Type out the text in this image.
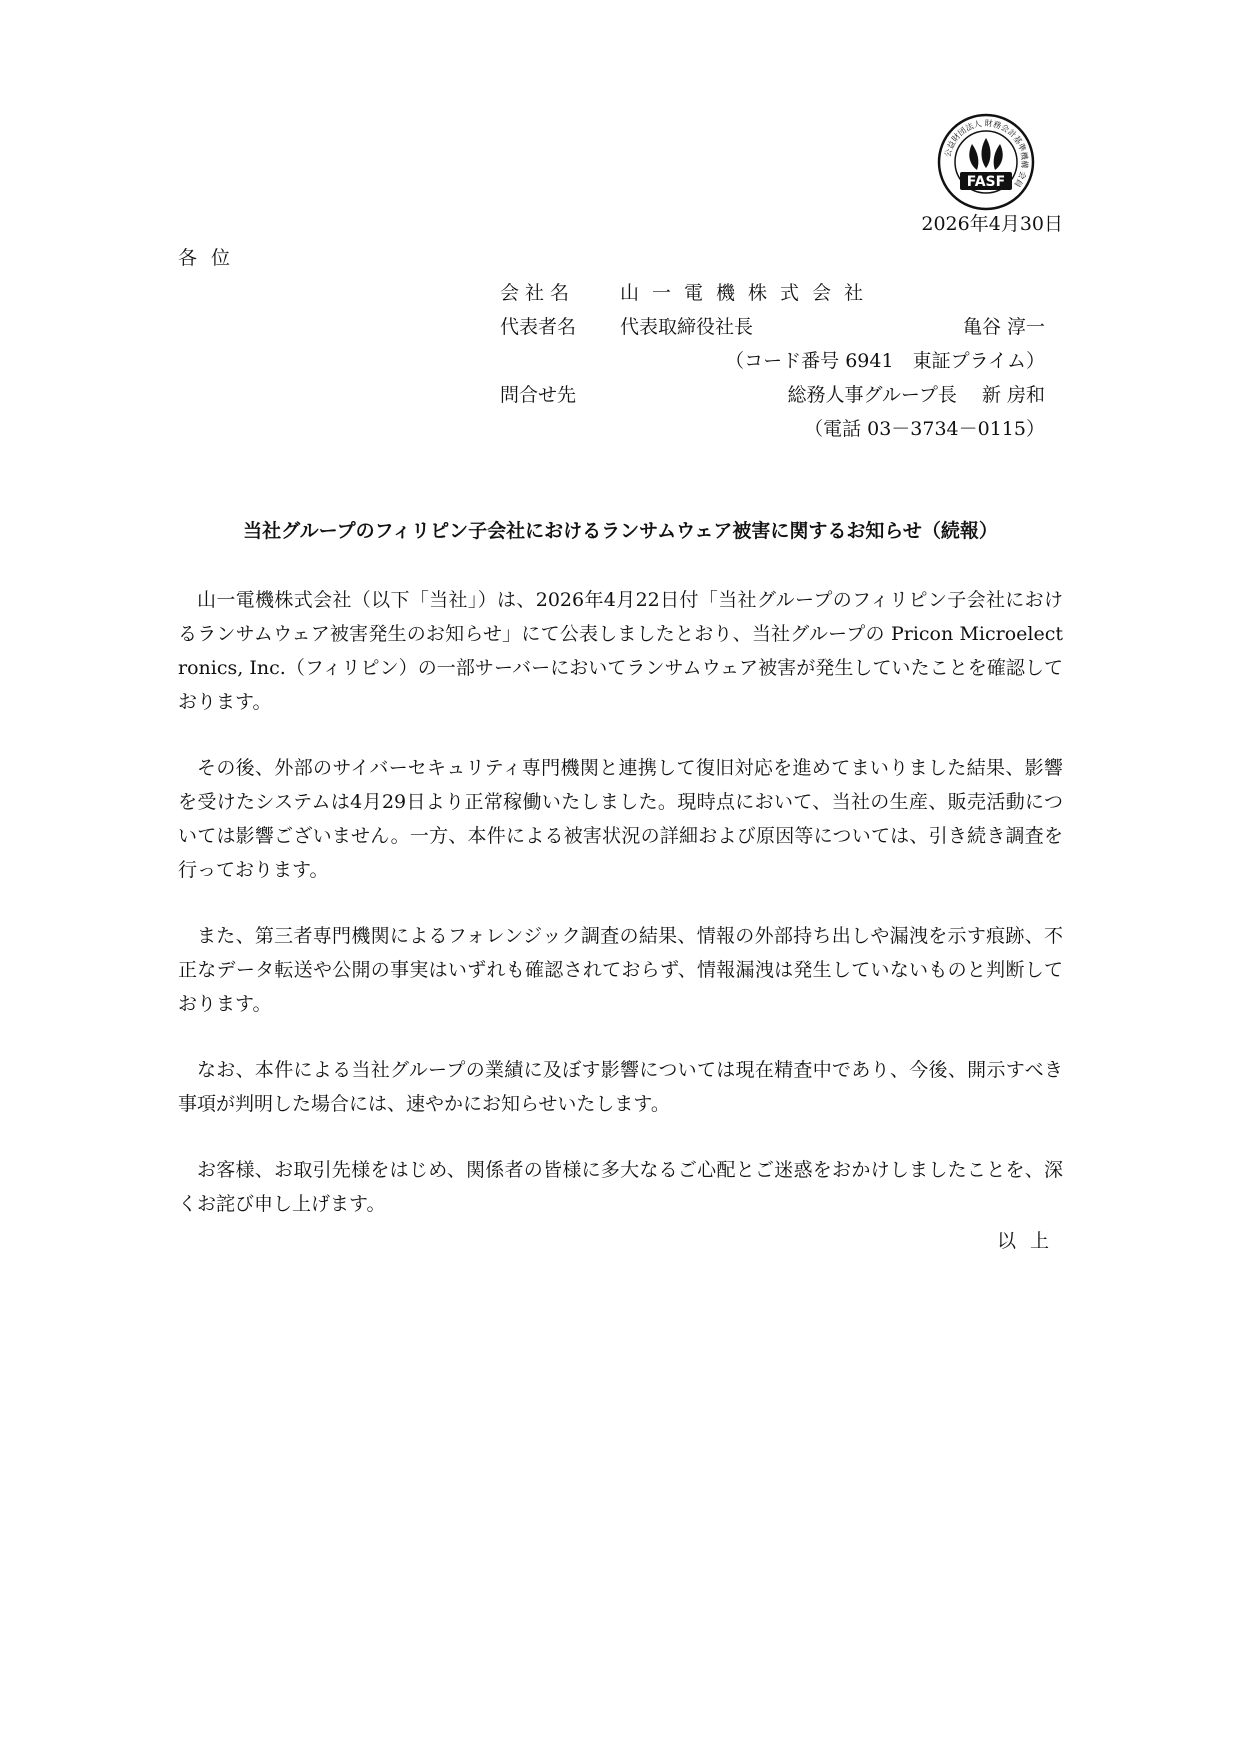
公益財団法人 財務会計基準機構 会員
FASF
2026年4月30日
各位
会社名 山一電機株式会社
代表者名 代表取締役社長	亀谷 淳一
（コード番号 6941　東証プライム）
問合せ先	総務人事グループ長　 新 房和
（電話 03－3734－0115）
当社グループのフィリピン子会社におけるランサムウェア被害に関するお知らせ（続報）
山一電機株式会社（以下「当社」）は、2026年4月22日付「当社グループのフィリピン子会社におけるランサムウェア被害発生のお知らせ」にて公表しましたとおり、当社グループの Pricon Microelectronics, Inc.（フィリピン）の一部サーバーにおいてランサムウェア被害が発生していたことを確認しております。
その後、外部のサイバーセキュリティ専門機関と連携して復旧対応を進めてまいりました結果、影響を受けたシステムは4月29日より正常稼働いたしました。現時点において、当社の生産、販売活動については影響ございません。一方、本件による被害状況の詳細および原因等については、引き続き調査を行っております。
また、第三者専門機関によるフォレンジック調査の結果、情報の外部持ち出しや漏洩を示す痕跡、不正なデータ転送や公開の事実はいずれも確認されておらず、情報漏洩は発生していないものと判断しております。
なお、本件による当社グループの業績に及ぼす影響については現在精査中であり、今後、開示すべき事項が判明した場合には、速やかにお知らせいたします。
お客様、お取引先様をはじめ、関係者の皆様に多大なるご心配とご迷惑をおかけしましたことを、深くお詫び申し上げます。
以上
